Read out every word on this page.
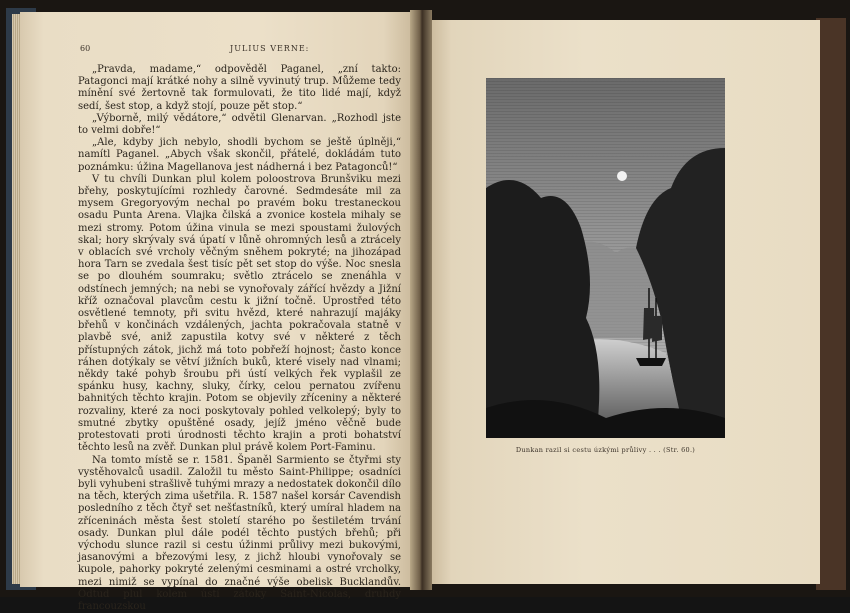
60	JULIUS VERNE:

„Pravda, madame,“ odpověděl Paganel, „zní takto: Patagonci mají krátké nohy a silně vyvinutý trup. Můžeme tedy mínění své žertovně tak formulovati, že tito lidé mají, když sedí, šest stop, a když stojí, pouze pět stop.“

„Výborně, milý vědátore,“ odvětil Glenarvan. „Rozhodl jste to velmi dobře!“

„Ale, kdyby jich nebylo, shodli bychom se ještě úplněji,“ namítl Paganel. „Abych však skončil, přátelé, dokládám tuto poznámku: úžina Magellanova jest nádherná i bez Patagonců!“

V tu chvíli Dunkan plul kolem poloostrova Brunšviku mezi břehy, poskytujícími rozhledy čarovné. Sedmdesáte mil za mysem Gregoryovým nechal po pravém boku trestaneckou osadu Punta Arena. Vlajka čilská a zvonice kostela mihaly se mezi stromy. Potom úžina vinula se mezi spoustami žulových skal; hory skrývaly svá úpatí v lůně ohromných lesů a ztrácely v oblacích své vrcholy věčným sněhem pokryté; na jihozápad hora Tarn se zvedala šest tisíc pět set stop do výše. Noc snesla se po dlouhém soumraku; světlo ztrácelo se znenáhla v odstínech jemných; na nebi se vynořovaly zářící hvězdy a Jižní kříž označoval plavcům cestu k jižní točně. Uprostřed této osvětlené temnoty, při svitu hvězd, které nahrazují majáky břehů v končinách vzdálených, jachta pokračovala statně v plavbě své, aniž zapustila kotvy své v některé z těch přístupných zátok, jichž má toto pobřeží hojnost; často konce ráhen dotýkaly se větví jižních buků, které visely nad vlnami; někdy také pohyb šroubu při ústí velkých řek vyplašil ze spánku husy, kachny, sluky, čírky, celou pernatou zvířenu bahnitých těchto krajin. Potom se objevily zříceniny a některé rozvaliny, které za noci poskytovaly pohled velkolepý; byly to smutné zbytky opuštěné osady, jejíž jméno věčně bude protestovati proti úrodnosti těchto krajin a proti bohatství těchto lesů na zvěř. Dunkan plul právě kolem Port-Faminu.

Na tomto místě se r. 1581. Španěl Sarmiento se čtyřmi sty vystěhovalců usadil. Založil tu město Saint-Philippe; osadníci byli vyhubeni strašlivě tuhými mrazy a nedostatek dokončil dílo na těch, kterých zima ušetřila. R. 1587 našel korsár Cavendish posledního z těch čtyř set nešťastníků, který umíral hladem na zříceninách města šest století starého po šestiletém trvání osady. Dunkan plul dále podél těchto pustých břehů; při východu slunce razil si cestu úžinmi průlivy mezi bukovými, jasanovými a březovými lesy, z jichž hloubi vynořovaly se kupole, pahorky pokryté zelenými cesminami a ostré vrcholky, mezi nimiž se vypínal do značné výše obelisk Bucklandův. Odtud plul kolem ústí zátoky Saint-Nicolas, druhdy francouzskou

Dunkan razil si cestu úzkými průlivy . . . (Str. 60.)
